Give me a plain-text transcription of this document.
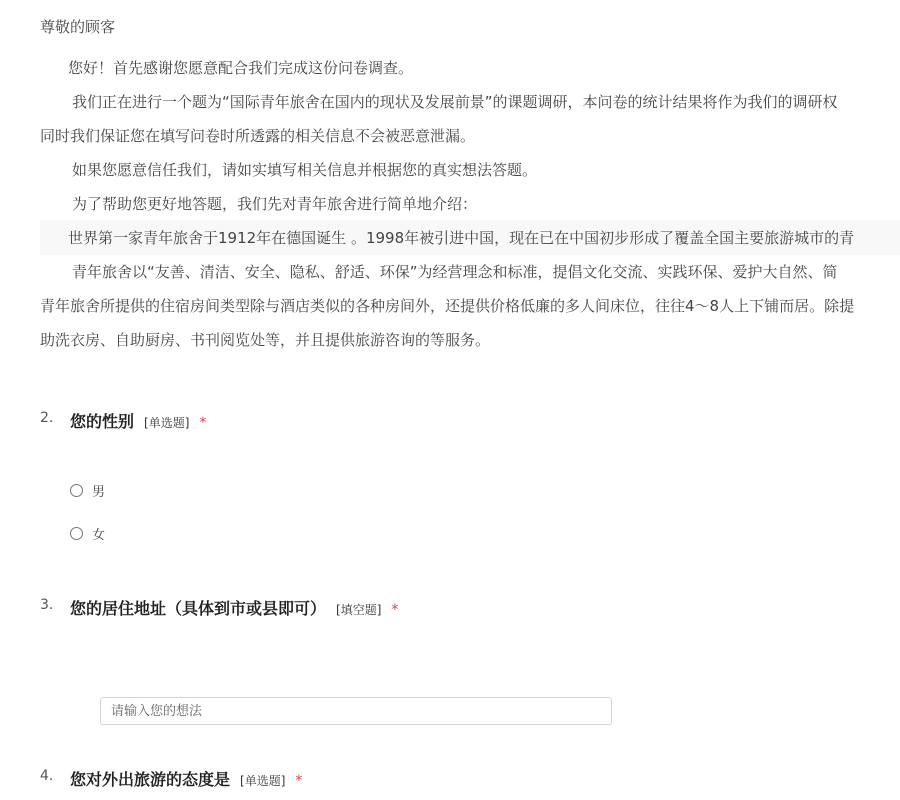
尊敬的顾客
您好！首先感谢您愿意配合我们完成这份问卷调查。
我们正在进行一个题为“国际青年旅舍在国内的现状及发展前景”的课题调研，本问卷的统计结果将作为我们的调研权
同时我们保证您在填写问卷时所透露的相关信息不会被恶意泄漏。
如果您愿意信任我们，请如实填写相关信息并根据您的真实想法答题。
为了帮助您更好地答题，我们先对青年旅舍进行简单地介绍：
世界第一家青年旅舍于1912年在德国诞生 。1998年被引进中国，现在已在中国初步形成了覆盖全国主要旅游城市的青
青年旅舍以“友善、清洁、安全、隐私、舒适、环保”为经营理念和标准，提倡文化交流、实践环保、爱护大自然、简
青年旅舍所提供的住宿房间类型除与酒店类似的各种房间外，还提供价格低廉的多人间床位，往往4～8人上下铺而居。除提
助洗衣房、自助厨房、书刊阅览处等，并且提供旅游咨询的等服务。
2. 您的性别 [单选题] *
男
女
3. 您的居住地址（具体到市或县即可） [填空题] *
请输入您的想法
4. 您对外出旅游的态度是 [单选题] *
